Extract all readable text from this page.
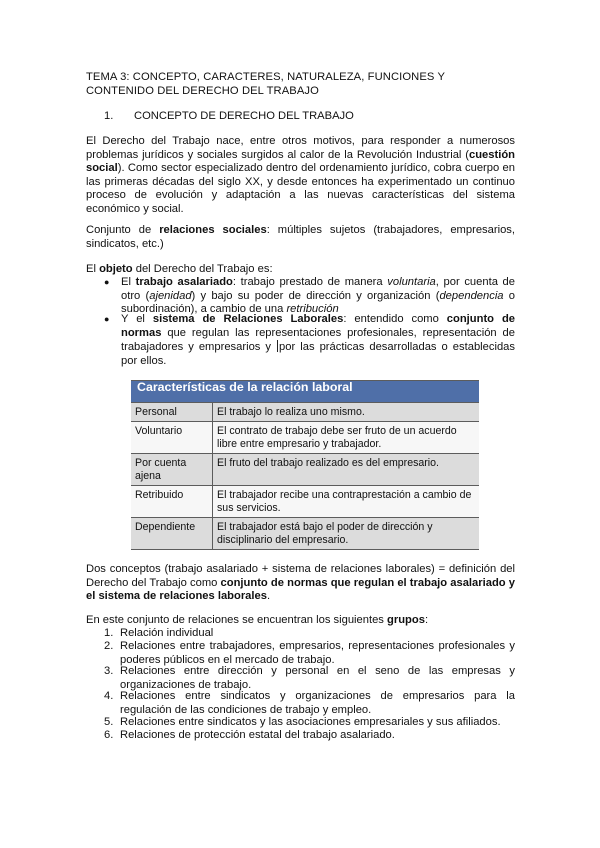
TEMA 3: CONCEPTO, CARACTERES, NATURALEZA, FUNCIONES Y CONTENIDO DEL DERECHO DEL TRABAJO
1. CONCEPTO DE DERECHO DEL TRABAJO
El Derecho del Trabajo nace, entre otros motivos, para responder a numerosos problemas jurídicos y sociales surgidos al calor de la Revolución Industrial (cuestión social). Como sector especializado dentro del ordenamiento jurídico, cobra cuerpo en las primeras décadas del siglo XX, y desde entonces ha experimentado un continuo proceso de evolución y adaptación a las nuevas características del sistema económico y social.
Conjunto de relaciones sociales: múltiples sujetos (trabajadores, empresarios, sindicatos, etc.)
El objeto del Derecho del Trabajo es:
● El trabajo asalariado: trabajo prestado de manera voluntaria, por cuenta de otro (ajenidad) y bajo su poder de dirección y organización (dependencia o subordinación), a cambio de una retribución
● Y el sistema de Relaciones Laborales: entendido como conjunto de normas que regulan las representaciones profesionales, representación de trabajadores y empresarios y por las prácticas desarrolladas o establecidas por ellos.
Características de la relación laboral	
Personal	El trabajo lo realiza uno mismo.
Voluntario	El contrato de trabajo debe ser fruto de un acuerdo libre entre empresario y trabajador.
Por cuenta ajena	El fruto del trabajo realizado es del empresario.
Retribuido	El trabajador recibe una contraprestación a cambio de sus servicios.
Dependiente	El trabajador está bajo el poder de dirección y disciplinario del empresario.
Dos conceptos (trabajo asalariado + sistema de relaciones laborales) = definición del Derecho del Trabajo como conjunto de normas que regulan el trabajo asalariado y el sistema de relaciones laborales.
En este conjunto de relaciones se encuentran los siguientes grupos:
1. Relación individual
2. Relaciones entre trabajadores, empresarios, representaciones profesionales y poderes públicos en el mercado de trabajo.
3. Relaciones entre dirección y personal en el seno de las empresas y organizaciones de trabajo.
4. Relaciones entre sindicatos y organizaciones de empresarios para la regulación de las condiciones de trabajo y empleo.
5. Relaciones entre sindicatos y las asociaciones empresariales y sus afiliados.
6. Relaciones de protección estatal del trabajo asalariado.
